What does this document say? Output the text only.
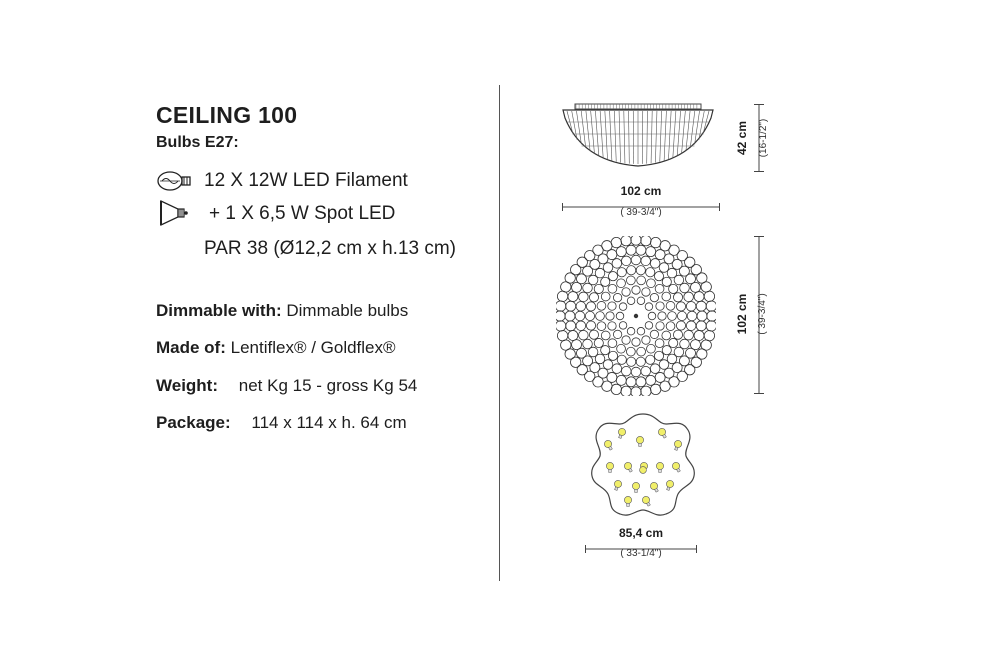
CEILING 100
Bulbs E27:
12 X 12W LED Filament
+ 1 X 6,5 W Spot LED
PAR 38 (Ø12,2 cm x h.13 cm)
Dimmable with: Dimmable bulbs
Made of: Lentiflex® / Goldflex®
Weight: net Kg 15 - gross Kg 54
Package: 114 x 114 x h. 64 cm
102 cm
( 39-3/4")
42 cm (16-1/2")
102 cm ( 39-3/4")
85,4 cm
( 33-1/4")
